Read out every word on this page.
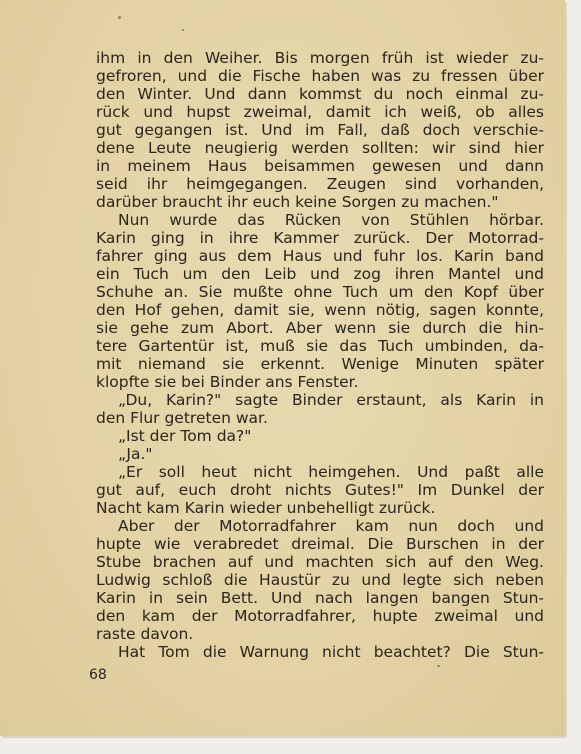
ihm in den Weiher. Bis morgen früh ist wieder zu-
gefroren, und die Fische haben was zu fressen über
den Winter. Und dann kommst du noch einmal zu-
rück und hupst zweimal, damit ich weiß, ob alles
gut gegangen ist. Und im Fall, daß doch verschie-
dene Leute neugierig werden sollten: wir sind hier
in meinem Haus beisammen gewesen und dann
seid ihr heimgegangen. Zeugen sind vorhanden,
darüber braucht ihr euch keine Sorgen zu machen."
Nun wurde das Rücken von Stühlen hörbar.
Karin ging in ihre Kammer zurück. Der Motorrad-
fahrer ging aus dem Haus und fuhr los. Karin band
ein Tuch um den Leib und zog ihren Mantel und
Schuhe an. Sie mußte ohne Tuch um den Kopf über
den Hof gehen, damit sie, wenn nötig, sagen konnte,
sie gehe zum Abort. Aber wenn sie durch die hin-
tere Gartentür ist, muß sie das Tuch umbinden, da-
mit niemand sie erkennt. Wenige Minuten später
klopfte sie bei Binder ans Fenster.
„Du, Karin?" sagte Binder erstaunt, als Karin in
den Flur getreten war.
„Ist der Tom da?"
„Ja."
„Er soll heut nicht heimgehen. Und paßt alle
gut auf, euch droht nichts Gutes!" Im Dunkel der
Nacht kam Karin wieder unbehelligt zurück.
Aber der Motorradfahrer kam nun doch und
hupte wie verabredet dreimal. Die Burschen in der
Stube brachen auf und machten sich auf den Weg.
Ludwig schloß die Haustür zu und legte sich neben
Karin in sein Bett. Und nach langen bangen Stun-
den kam der Motorradfahrer, hupte zweimal und
raste davon.
Hat Tom die Warnung nicht beachtet? Die Stun-
68
